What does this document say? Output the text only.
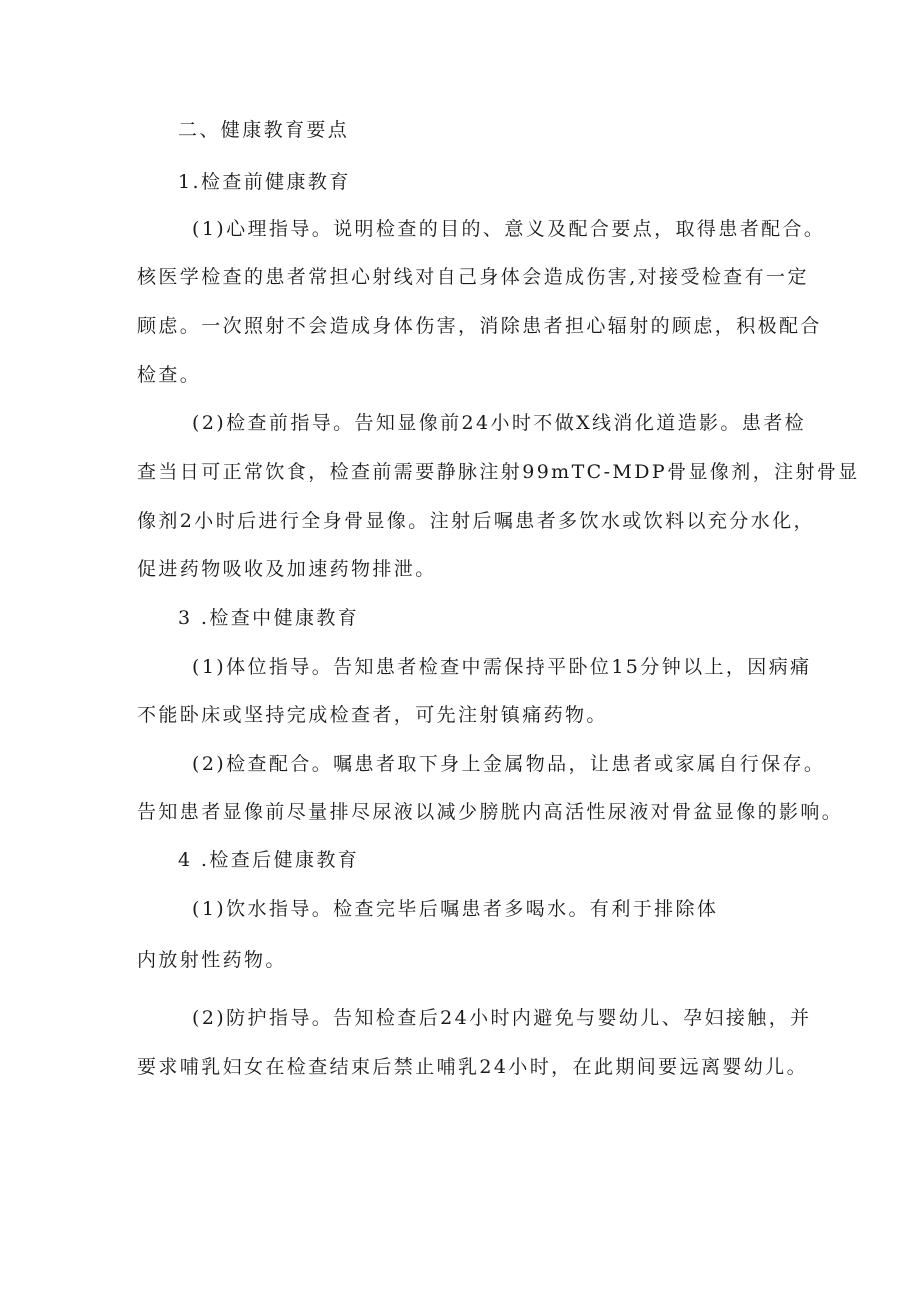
二、健康教育要点
1.检查前健康教育
(1)心理指导。说明检查的目的、意义及配合要点，取得患者配合。
核医学检查的患者常担心射线对自己身体会造成伤害,对接受检查有一定
顾虑。一次照射不会造成身体伤害，消除患者担心辐射的顾虑，积极配合
检查。
(2)检查前指导。告知显像前24小时不做X线消化道造影。患者检
查当日可正常饮食，检查前需要静脉注射99mTC-MDP骨显像剂，注射骨显
像剂2小时后进行全身骨显像。注射后嘱患者多饮水或饮料以充分水化，
促进药物吸收及加速药物排泄。
3 .检查中健康教育
(1)体位指导。告知患者检查中需保持平卧位15分钟以上，因病痛
不能卧床或坚持完成检查者，可先注射镇痛药物。
(2)检查配合。嘱患者取下身上金属物品，让患者或家属自行保存。
告知患者显像前尽量排尽尿液以减少膀胱内高活性尿液对骨盆显像的影响。
4 .检查后健康教育
(1)饮水指导。检查完毕后嘱患者多喝水。有利于排除体
内放射性药物。
(2)防护指导。告知检查后24小时内避免与婴幼儿、孕妇接触，并
要求哺乳妇女在检查结束后禁止哺乳24小时，在此期间要远离婴幼儿。
